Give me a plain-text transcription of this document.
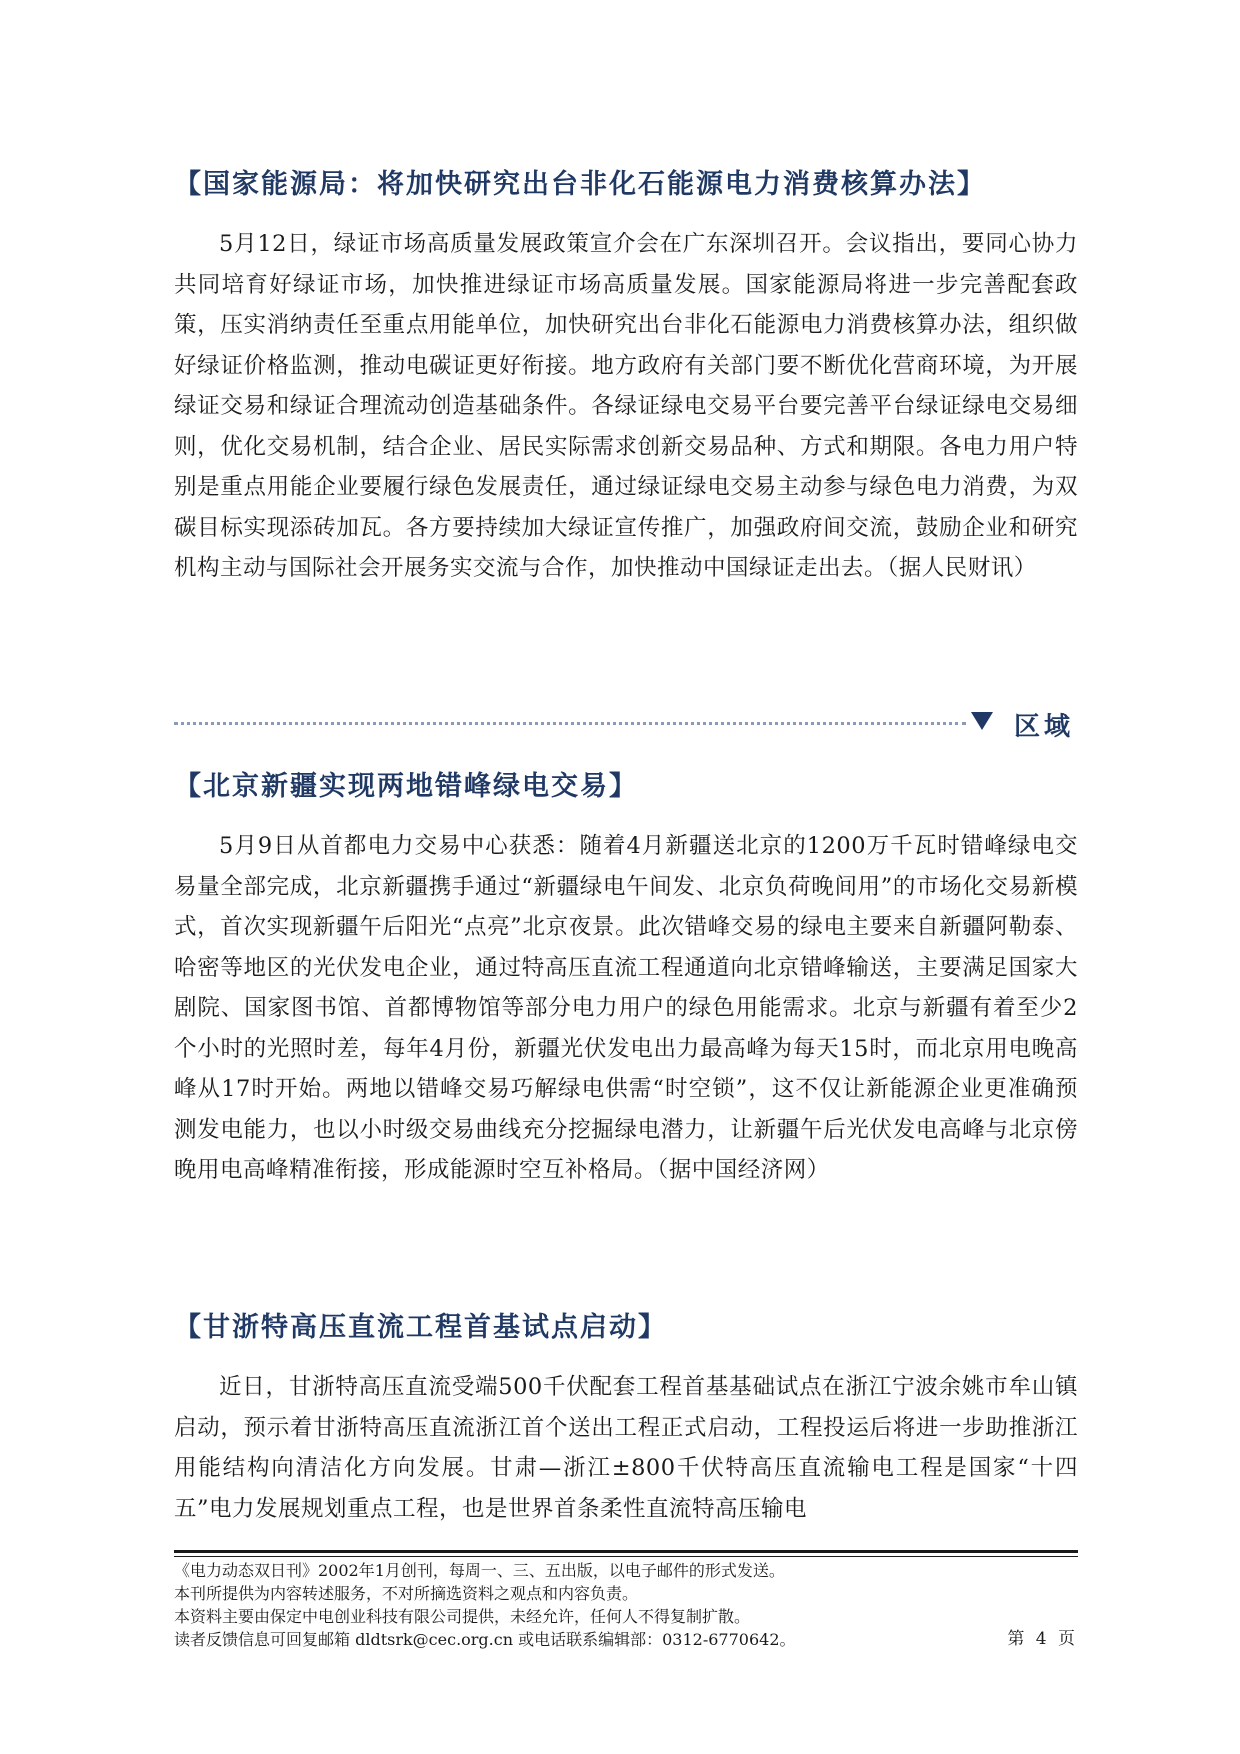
【国家能源局：将加快研究出台非化石能源电力消费核算办法】
5月12日，绿证市场高质量发展政策宣介会在广东深圳召开。会议指出，要同心协力共同培育好绿证市场，加快推进绿证市场高质量发展。国家能源局将进一步完善配套政策，压实消纳责任至重点用能单位，加快研究出台非化石能源电力消费核算办法，组织做好绿证价格监测，推动电碳证更好衔接。地方政府有关部门要不断优化营商环境，为开展绿证交易和绿证合理流动创造基础条件。各绿证绿电交易平台要完善平台绿证绿电交易细则，优化交易机制，结合企业、居民实际需求创新交易品种、方式和期限。各电力用户特别是重点用能企业要履行绿色发展责任，通过绿证绿电交易主动参与绿色电力消费，为双碳目标实现添砖加瓦。各方要持续加大绿证宣传推广，加强政府间交流，鼓励企业和研究机构主动与国际社会开展务实交流与合作，加快推动中国绿证走出去。（据人民财讯）
区域
【北京新疆实现两地错峰绿电交易】
5月9日从首都电力交易中心获悉：随着4月新疆送北京的1200万千瓦时错峰绿电交易量全部完成，北京新疆携手通过“新疆绿电午间发、北京负荷晚间用”的市场化交易新模式，首次实现新疆午后阳光“点亮”北京夜景。此次错峰交易的绿电主要来自新疆阿勒泰、哈密等地区的光伏发电企业，通过特高压直流工程通道向北京错峰输送，主要满足国家大剧院、国家图书馆、首都博物馆等部分电力用户的绿色用能需求。北京与新疆有着至少2个小时的光照时差，每年4月份，新疆光伏发电出力最高峰为每天15时，而北京用电晚高峰从17时开始。两地以错峰交易巧解绿电供需“时空锁”，这不仅让新能源企业更准确预测发电能力，也以小时级交易曲线充分挖掘绿电潜力，让新疆午后光伏发电高峰与北京傍晚用电高峰精准衔接，形成能源时空互补格局。（据中国经济网）
【甘浙特高压直流工程首基试点启动】
近日，甘浙特高压直流受端500千伏配套工程首基基础试点在浙江宁波余姚市牟山镇启动，预示着甘浙特高压直流浙江首个送出工程正式启动，工程投运后将进一步助推浙江用能结构向清洁化方向发展。甘肃—浙江±800千伏特高压直流输电工程是国家“十四五”电力发展规划重点工程，也是世界首条柔性直流特高压输电
《电力动态双日刊》2002年1月创刊，每周一、三、五出版，以电子邮件的形式发送。
本刊所提供为内容转述服务，不对所摘选资料之观点和内容负责。
本资料主要由保定中电创业科技有限公司提供，未经允许，任何人不得复制扩散。
读者反馈信息可回复邮箱 dldtsrk@cec.org.cn 或电话联系编辑部：0312-6770642。	第 4 页
